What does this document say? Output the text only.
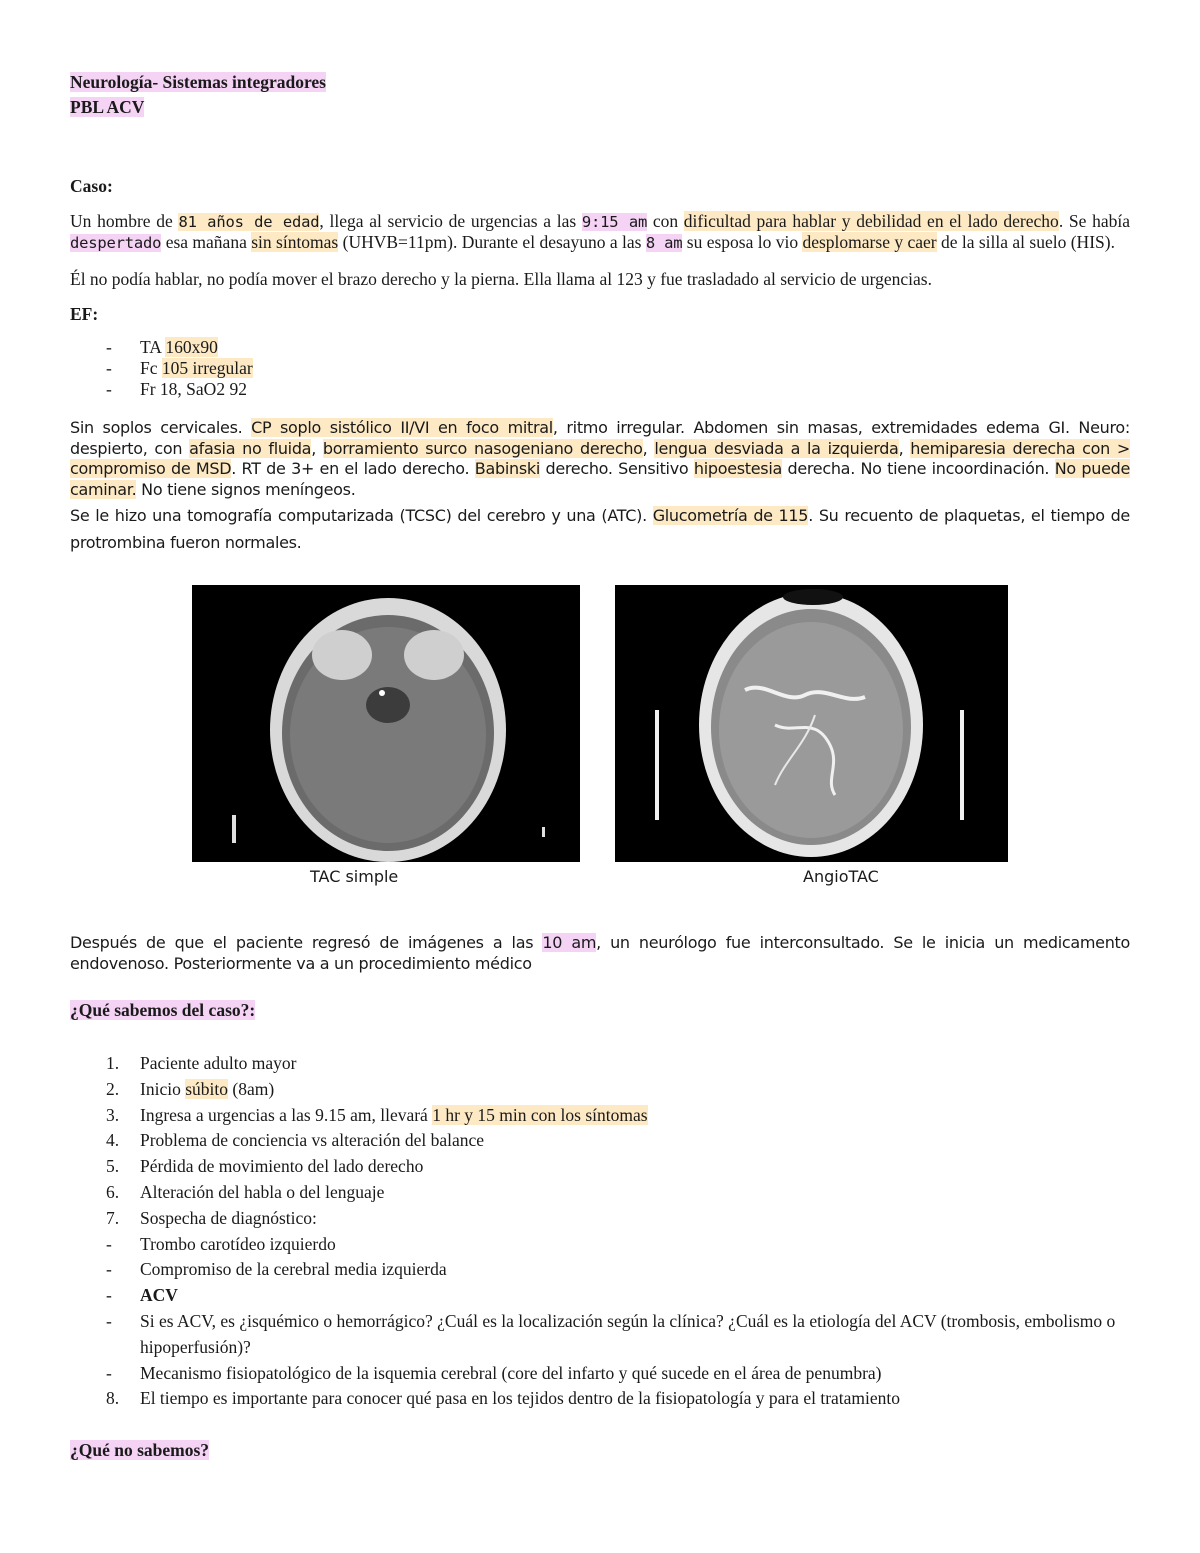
Neurología- Sistemas integradores
PBL ACV

Caso:

Un hombre de 81 años de edad, llega al servicio de urgencias a las 9:15 am con dificultad para hablar y debilidad en el lado derecho. Se había despertado esa mañana sin síntomas (UHVB=11pm). Durante el desayuno a las 8 am su esposa lo vio desplomarse y caer de la silla al suelo (HIS).

Él no podía hablar, no podía mover el brazo derecho y la pierna. Ella llama al 123 y fue trasladado al servicio de urgencias.

EF:

- TA 160x90
- Fc 105 irregular
- Fr 18, SaO2 92

Sin soplos cervicales. CP soplo sistólico II/VI en foco mitral, ritmo irregular. Abdomen sin masas, extremidades edema GI. Neuro: despierto, con afasia no fluida, borramiento surco nasogeniano derecho, lengua desviada a la izquierda, hemiparesia derecha con > compromiso de MSD. RT de 3+ en el lado derecho. Babinski derecho. Sensitivo hipoestesia derecha. No tiene incoordinación. No puede caminar. No tiene signos meníngeos.

Se le hizo una tomografía computarizada (TCSC) del cerebro y una (ATC). Glucometría de 115. Su recuento de plaquetas, el tiempo de protrombina fueron normales.

TAC simple	AngioTAC

Después de que el paciente regresó de imágenes a las 10 am, un neurólogo fue interconsultado. Se le inicia un medicamento endovenoso. Posteriormente va a un procedimiento médico

¿Qué sabemos del caso?:

1. Paciente adulto mayor
2. Inicio súbito (8am)
3. Ingresa a urgencias a las 9.15 am, llevará 1 hr y 15 min con los síntomas
4. Problema de conciencia vs alteración del balance
5. Pérdida de movimiento del lado derecho
6. Alteración del habla o del lenguaje
7. Sospecha de diagnóstico:
- Trombo carotídeo izquierdo
- Compromiso de la cerebral media izquierda
- ACV
- Si es ACV, es ¿isquémico o hemorrágico? ¿Cuál es la localización según la clínica? ¿Cuál es la etiología del ACV (trombosis, embolismo o hipoperfusión)?
- Mecanismo fisiopatológico de la isquemia cerebral (core del infarto y qué sucede en el área de penumbra)
8. El tiempo es importante para conocer qué pasa en los tejidos dentro de la fisiopatología y para el tratamiento

¿Qué no sabemos?
